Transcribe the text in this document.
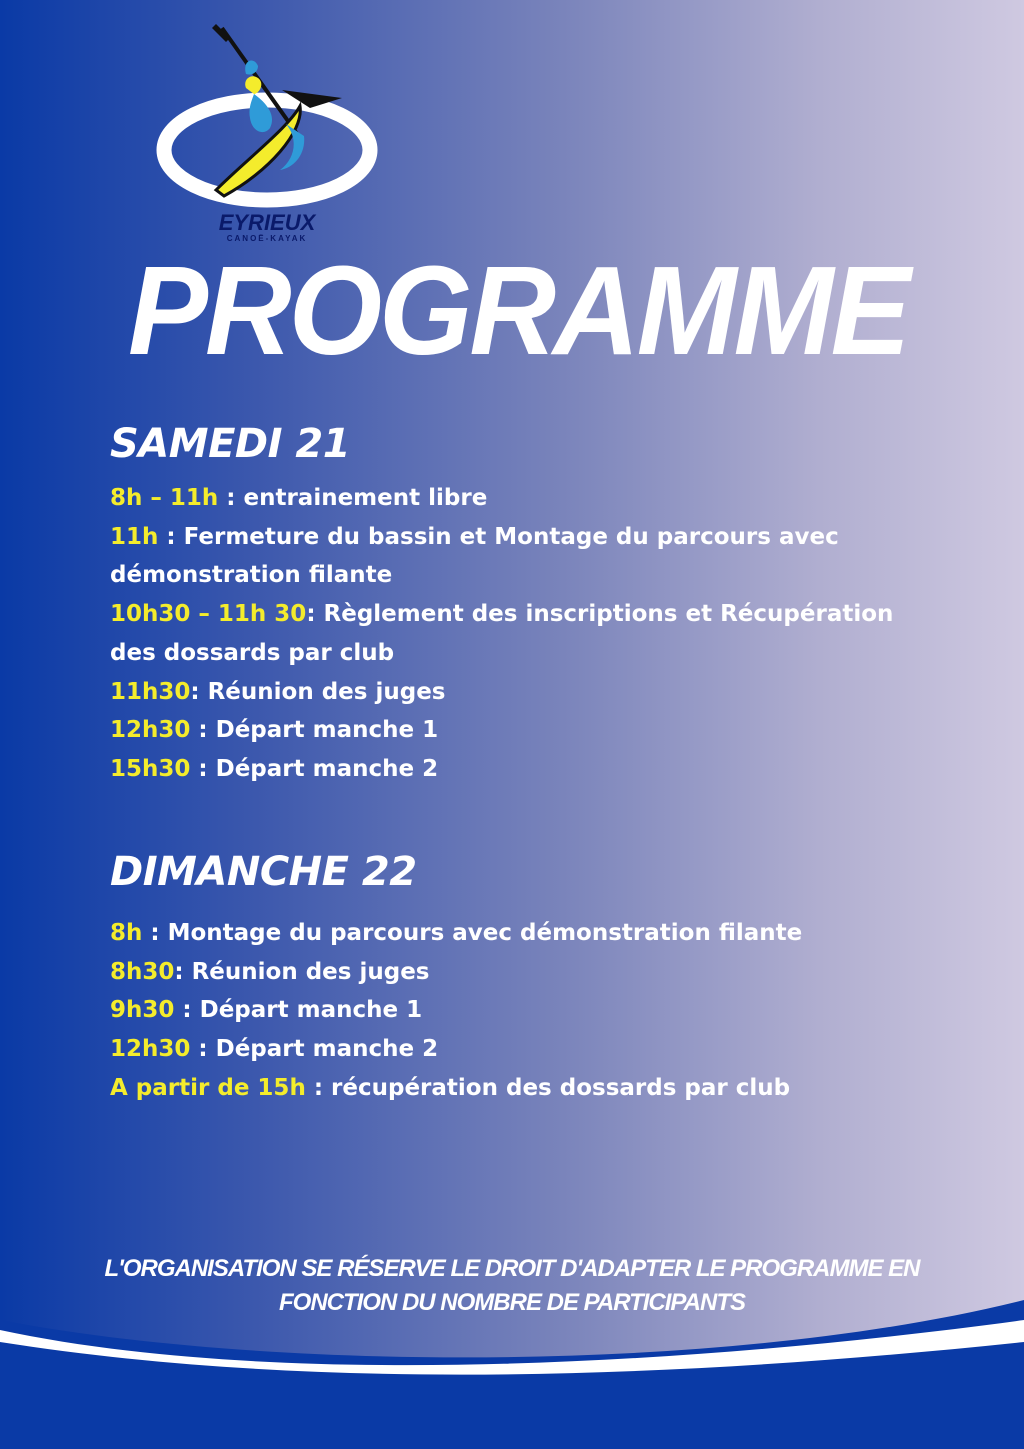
EYRIEUX
CANOË-KAYAK
PROGRAMME
SAMEDI 21
8h – 11h : entrainement libre
11h : Fermeture du bassin et Montage du parcours avec démonstration filante
10h30 – 11h 30: Règlement des inscriptions et Récupération des dossards par club
11h30: Réunion des juges
12h30 : Départ manche 1
15h30 : Départ manche 2
DIMANCHE 22
8h : Montage du parcours avec démonstration filante
8h30: Réunion des juges
9h30 : Départ manche 1
12h30 : Départ manche 2
A partir de 15h : récupération des dossards par club

L'ORGANISATION SE RÉSERVE LE DROIT D'ADAPTER LE PROGRAMME EN
FONCTION DU NOMBRE DE PARTICIPANTS
